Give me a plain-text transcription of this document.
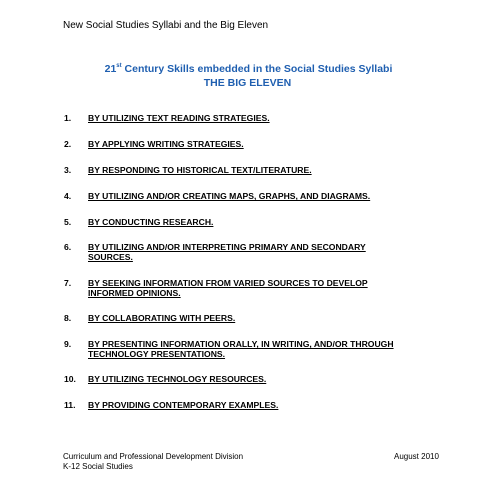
New Social Studies Syllabi and the Big Eleven
21st Century Skills embedded in the Social Studies Syllabi
THE BIG ELEVEN
1.	BY UTILIZING TEXT READING STRATEGIES.
2.	BY APPLYING WRITING STRATEGIES.
3.	BY RESPONDING TO HISTORICAL TEXT/LITERATURE.
4.	BY UTILIZING AND/OR CREATING MAPS, GRAPHS, AND DIAGRAMS.
5.	BY CONDUCTING RESEARCH.
6.	BY UTILIZING AND/OR INTERPRETING PRIMARY AND SECONDARY
SOURCES.
7.	BY SEEKING INFORMATION FROM VARIED SOURCES TO DEVELOP
INFORMED OPINIONS.
8.	BY COLLABORATING WITH PEERS.
9.	BY PRESENTING INFORMATION ORALLY, IN WRITING, AND/OR THROUGH
TECHNOLOGY PRESENTATIONS.
10.	BY UTILIZING TECHNOLOGY RESOURCES.
11.	BY PROVIDING CONTEMPORARY EXAMPLES.
Curriculum and Professional Development Division
K-12 Social Studies
August 2010
